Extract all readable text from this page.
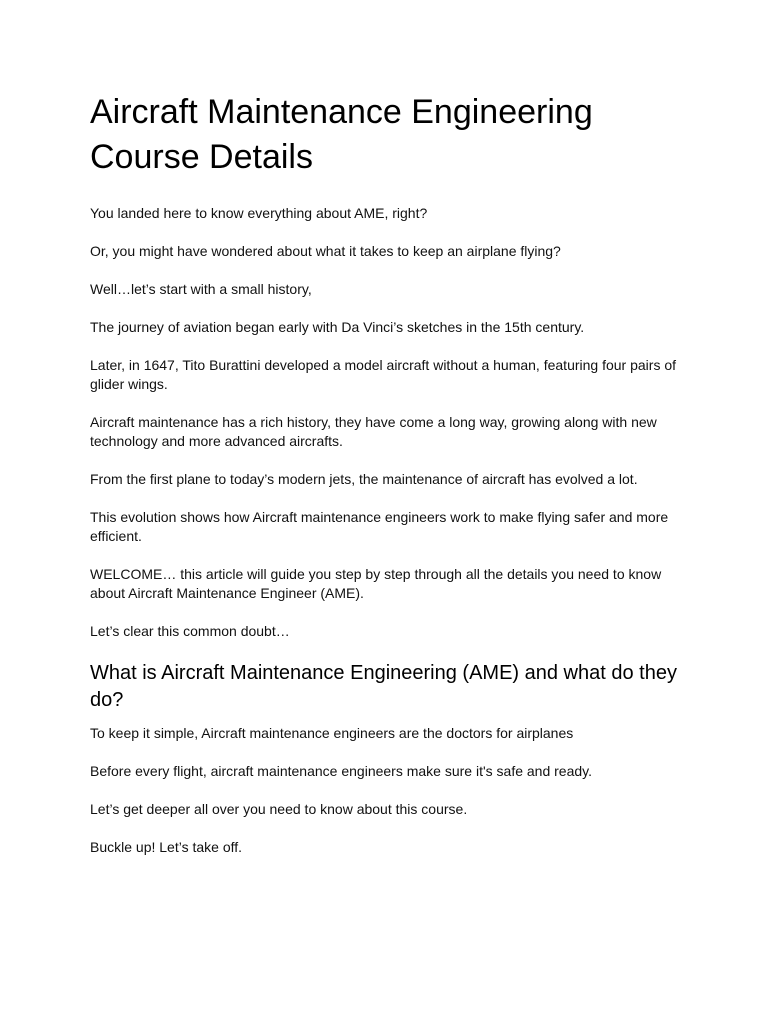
Aircraft Maintenance Engineering Course Details

You landed here to know everything about AME, right?

Or, you might have wondered about what it takes to keep an airplane flying?

Well…let’s start with a small history,

The journey of aviation began early with Da Vinci’s sketches in the 15th century.

Later, in 1647, Tito Burattini developed a model aircraft without a human, featuring four pairs of glider wings.

Aircraft maintenance has a rich history, they have come a long way, growing along with new technology and more advanced aircrafts.

From the first plane to today’s modern jets, the maintenance of aircraft has evolved a lot.

This evolution shows how Aircraft maintenance engineers work to make flying safer and more efficient.

WELCOME… this article will guide you step by step through all the details you need to know about Aircraft Maintenance Engineer (AME).

Let’s clear this common doubt…

What is Aircraft Maintenance Engineering (AME) and what do they do?

To keep it simple, Aircraft maintenance engineers are the doctors for airplanes

Before every flight, aircraft maintenance engineers make sure it's safe and ready.

Let’s get deeper all over you need to know about this course.

Buckle up! Let’s take off.
